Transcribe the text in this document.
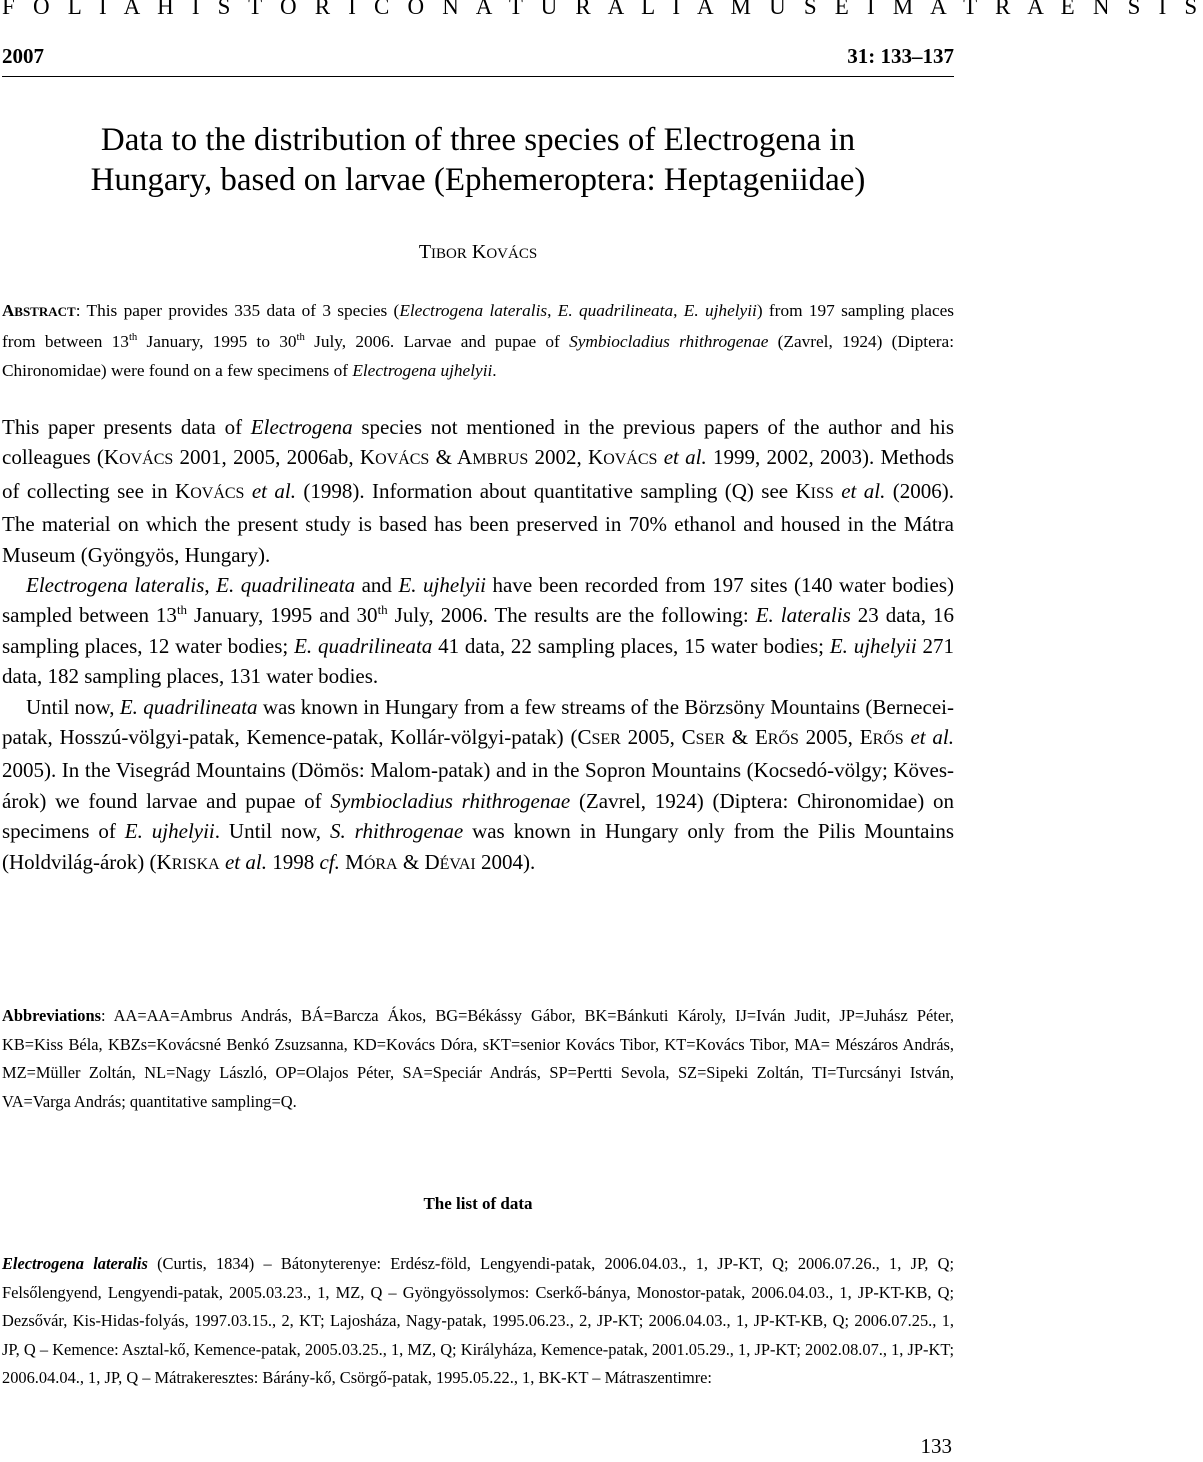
F O L I A H I S T O R I C O N A T U R A L I A M U S E I M A T R A E N S I S
2007	31: 133–137
Data to the distribution of three species of Electrogena in
Hungary, based on larvae (Ephemeroptera: Heptageniidae)
TIBOR KOVÁCS
ABSTRACT: This paper provides 335 data of 3 species (Electrogena lateralis, E. quadrilineata, E. ujhelyii) from 197 sampling places from between 13th January, 1995 to 30th July, 2006. Larvae and pupae of Symbiocladius rhithrogenae (Zavrel, 1924) (Diptera: Chironomidae) were found on a few specimens of Electrogena ujhelyii.

This paper presents data of Electrogena species not mentioned in the previous papers of the author and his colleagues (KOVÁCS 2001, 2005, 2006ab, KOVÁCS & AMBRUS 2002, KOVÁCS et al. 1999, 2002, 2003). Methods of collecting see in KOVÁCS et al. (1998). Information about quantitative sampling (Q) see KISS et al. (2006). The material on which the present study is based has been preserved in 70% ethanol and housed in the Mátra Museum (Gyöngyös, Hungary).

Electrogena lateralis, E. quadrilineata and E. ujhelyii have been recorded from 197 sites (140 water bodies) sampled between 13th January, 1995 and 30th July, 2006. The results are the following: E. lateralis 23 data, 16 sampling places, 12 water bodies; E. quadrilineata 41 data, 22 sampling places, 15 water bodies; E. ujhelyii 271 data, 182 sampling places, 131 water bodies.

Until now, E. quadrilineata was known in Hungary from a few streams of the Börzsöny Mountains (Bernecei-patak, Hosszú-völgyi-patak, Kemence-patak, Kollár-völgyi-patak) (CSER 2005, CSER & ERŐS 2005, ERŐS et al. 2005). In the Visegrád Mountains (Dömös: Malom-patak) and in the Sopron Mountains (Kocsedó-völgy; Köves-árok) we found larvae and pupae of Symbiocladius rhithrogenae (Zavrel, 1924) (Diptera: Chironomidae) on specimens of E. ujhelyii. Until now, S. rhithrogenae was known in Hungary only from the Pilis Mountains (Holdvilág-árok) (KRISKA et al. 1998 cf. MÓRA & DÉVAI 2004).

Abbreviations: AA=AA=Ambrus András, BÁ=Barcza Ákos, BG=Békássy Gábor, BK=Bánkuti Károly, IJ=Iván Judit, JP=Juhász Péter, KB=Kiss Béla, KBZs=Kovácsné Benkó Zsuzsanna, KD=Kovács Dóra, sKT=senior Kovács Tibor, KT=Kovács Tibor, MA= Mészáros András, MZ=Müller Zoltán, NL=Nagy László, OP=Olajos Péter, SA=Speciár András, SP=Pertti Sevola, SZ=Sipeki Zoltán, TI=Turcsányi István, VA=Varga András; quantitative sampling=Q.
The list of data
Electrogena lateralis (Curtis, 1834) – Bátonyterenye: Erdész-föld, Lengyendi-patak, 2006.04.03., 1, JP-KT, Q; 2006.07.26., 1, JP, Q; Felsőlengyend, Lengyendi-patak, 2005.03.23., 1, MZ, Q – Gyöngyössolymos: Cserkő-bánya, Monostor-patak, 2006.04.03., 1, JP-KT-KB, Q; Dezsővár, Kis-Hidas-folyás, 1997.03.15., 2, KT; Lajosháza, Nagy-patak, 1995.06.23., 2, JP-KT; 2006.04.03., 1, JP-KT-KB, Q; 2006.07.25., 1, JP, Q – Kemence: Asztal-kő, Kemence-patak, 2005.03.25., 1, MZ, Q; Királyháza, Kemence-patak, 2001.05.29., 1, JP-KT; 2002.08.07., 1, JP-KT; 2006.04.04., 1, JP, Q – Mátrakeresztes: Bárány-kő, Csörgő-patak, 1995.05.22., 1, BK-KT – Mátraszentimre:
133
